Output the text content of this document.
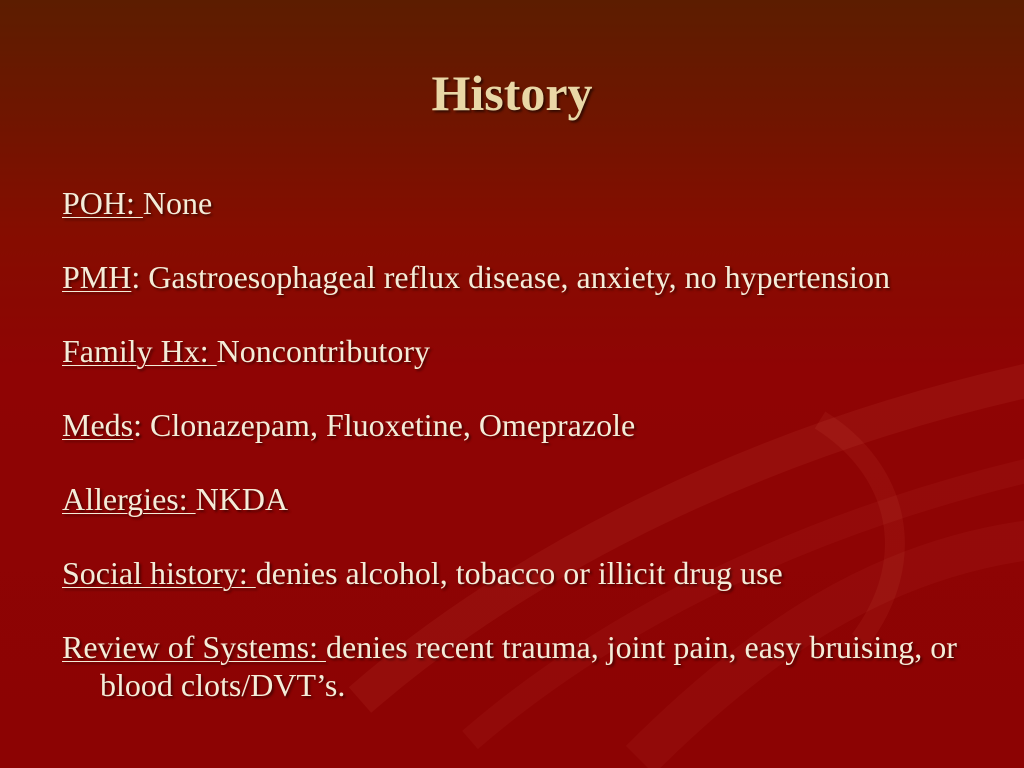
History
POH: None
PMH: Gastroesophageal reflux disease, anxiety, no hypertension
Family Hx: Noncontributory
Meds: Clonazepam, Fluoxetine, Omeprazole
Allergies: NKDA
Social history: denies alcohol, tobacco or illicit drug use
Review of Systems: denies recent trauma, joint pain, easy bruising, or blood clots/DVT’s.
